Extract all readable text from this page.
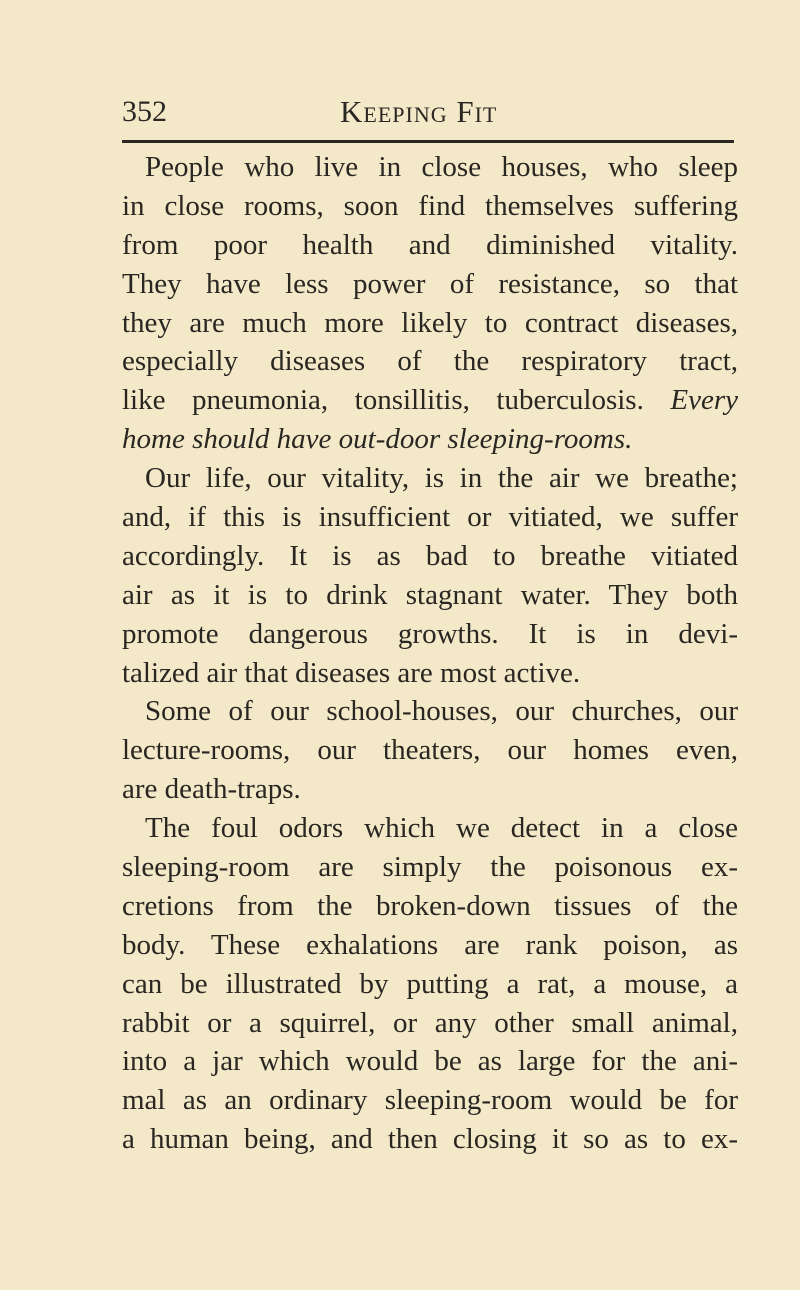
352	Keeping Fit
People who live in close houses, who sleep
in close rooms, soon find themselves suffering
from poor health and diminished vitality.
They have less power of resistance, so that
they are much more likely to contract diseases,
especially diseases of the respiratory tract,
like pneumonia, tonsillitis, tuberculosis. Every
home should have out-door sleeping-rooms.
Our life, our vitality, is in the air we breathe;
and, if this is insufficient or vitiated, we suffer
accordingly. It is as bad to breathe vitiated
air as it is to drink stagnant water. They both
promote dangerous growths. It is in devi-
talized air that diseases are most active.
Some of our school-houses, our churches, our
lecture-rooms, our theaters, our homes even,
are death-traps.
The foul odors which we detect in a close
sleeping-room are simply the poisonous ex-
cretions from the broken-down tissues of the
body. These exhalations are rank poison, as
can be illustrated by putting a rat, a mouse, a
rabbit or a squirrel, or any other small animal,
into a jar which would be as large for the ani-
mal as an ordinary sleeping-room would be for
a human being, and then closing it so as to ex-
